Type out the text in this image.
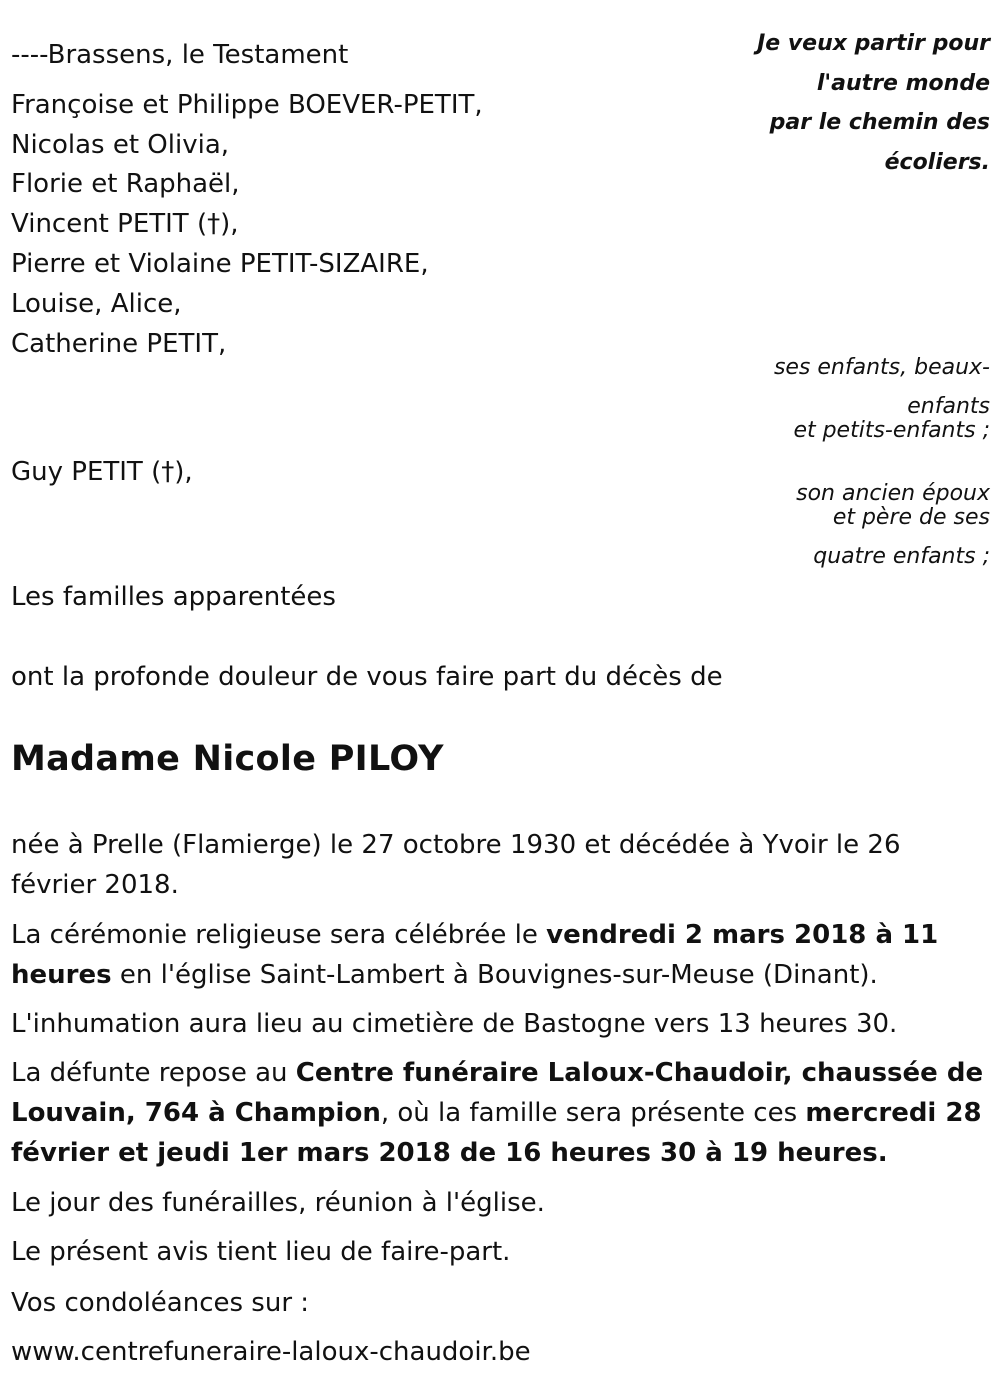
----Brassens, le Testament	Je veux partir pour
l'autre monde
par le chemin des
écoliers.
Françoise et Philippe BOEVER-PETIT,
Nicolas et Olivia,
Florie et Raphaël,
Vincent PETIT (†),
Pierre et Violaine PETIT-SIZAIRE,
Louise, Alice,
Catherine PETIT,
ses enfants, beaux-
enfants
et petits-enfants ;
Guy PETIT (†),
son ancien époux
et père de ses
quatre enfants ;
Les familles apparentées
ont la profonde douleur de vous faire part du décès de
Madame Nicole PILOY
née à Prelle (Flamierge) le 27 octobre 1930 et décédée à Yvoir le 26 février 2018.
La cérémonie religieuse sera célébrée le vendredi 2 mars 2018 à 11 heures en l'église Saint-Lambert à Bouvignes-sur-Meuse (Dinant).
L'inhumation aura lieu au cimetière de Bastogne vers 13 heures 30.
La défunte repose au Centre funéraire Laloux-Chaudoir, chaussée de Louvain, 764 à Champion, où la famille sera présente ces mercredi 28 février et jeudi 1er mars 2018 de 16 heures 30 à 19 heures.
Le jour des funérailles, réunion à l'église.
Le présent avis tient lieu de faire-part.
Vos condoléances sur :
www.centrefuneraire-laloux-chaudoir.be
